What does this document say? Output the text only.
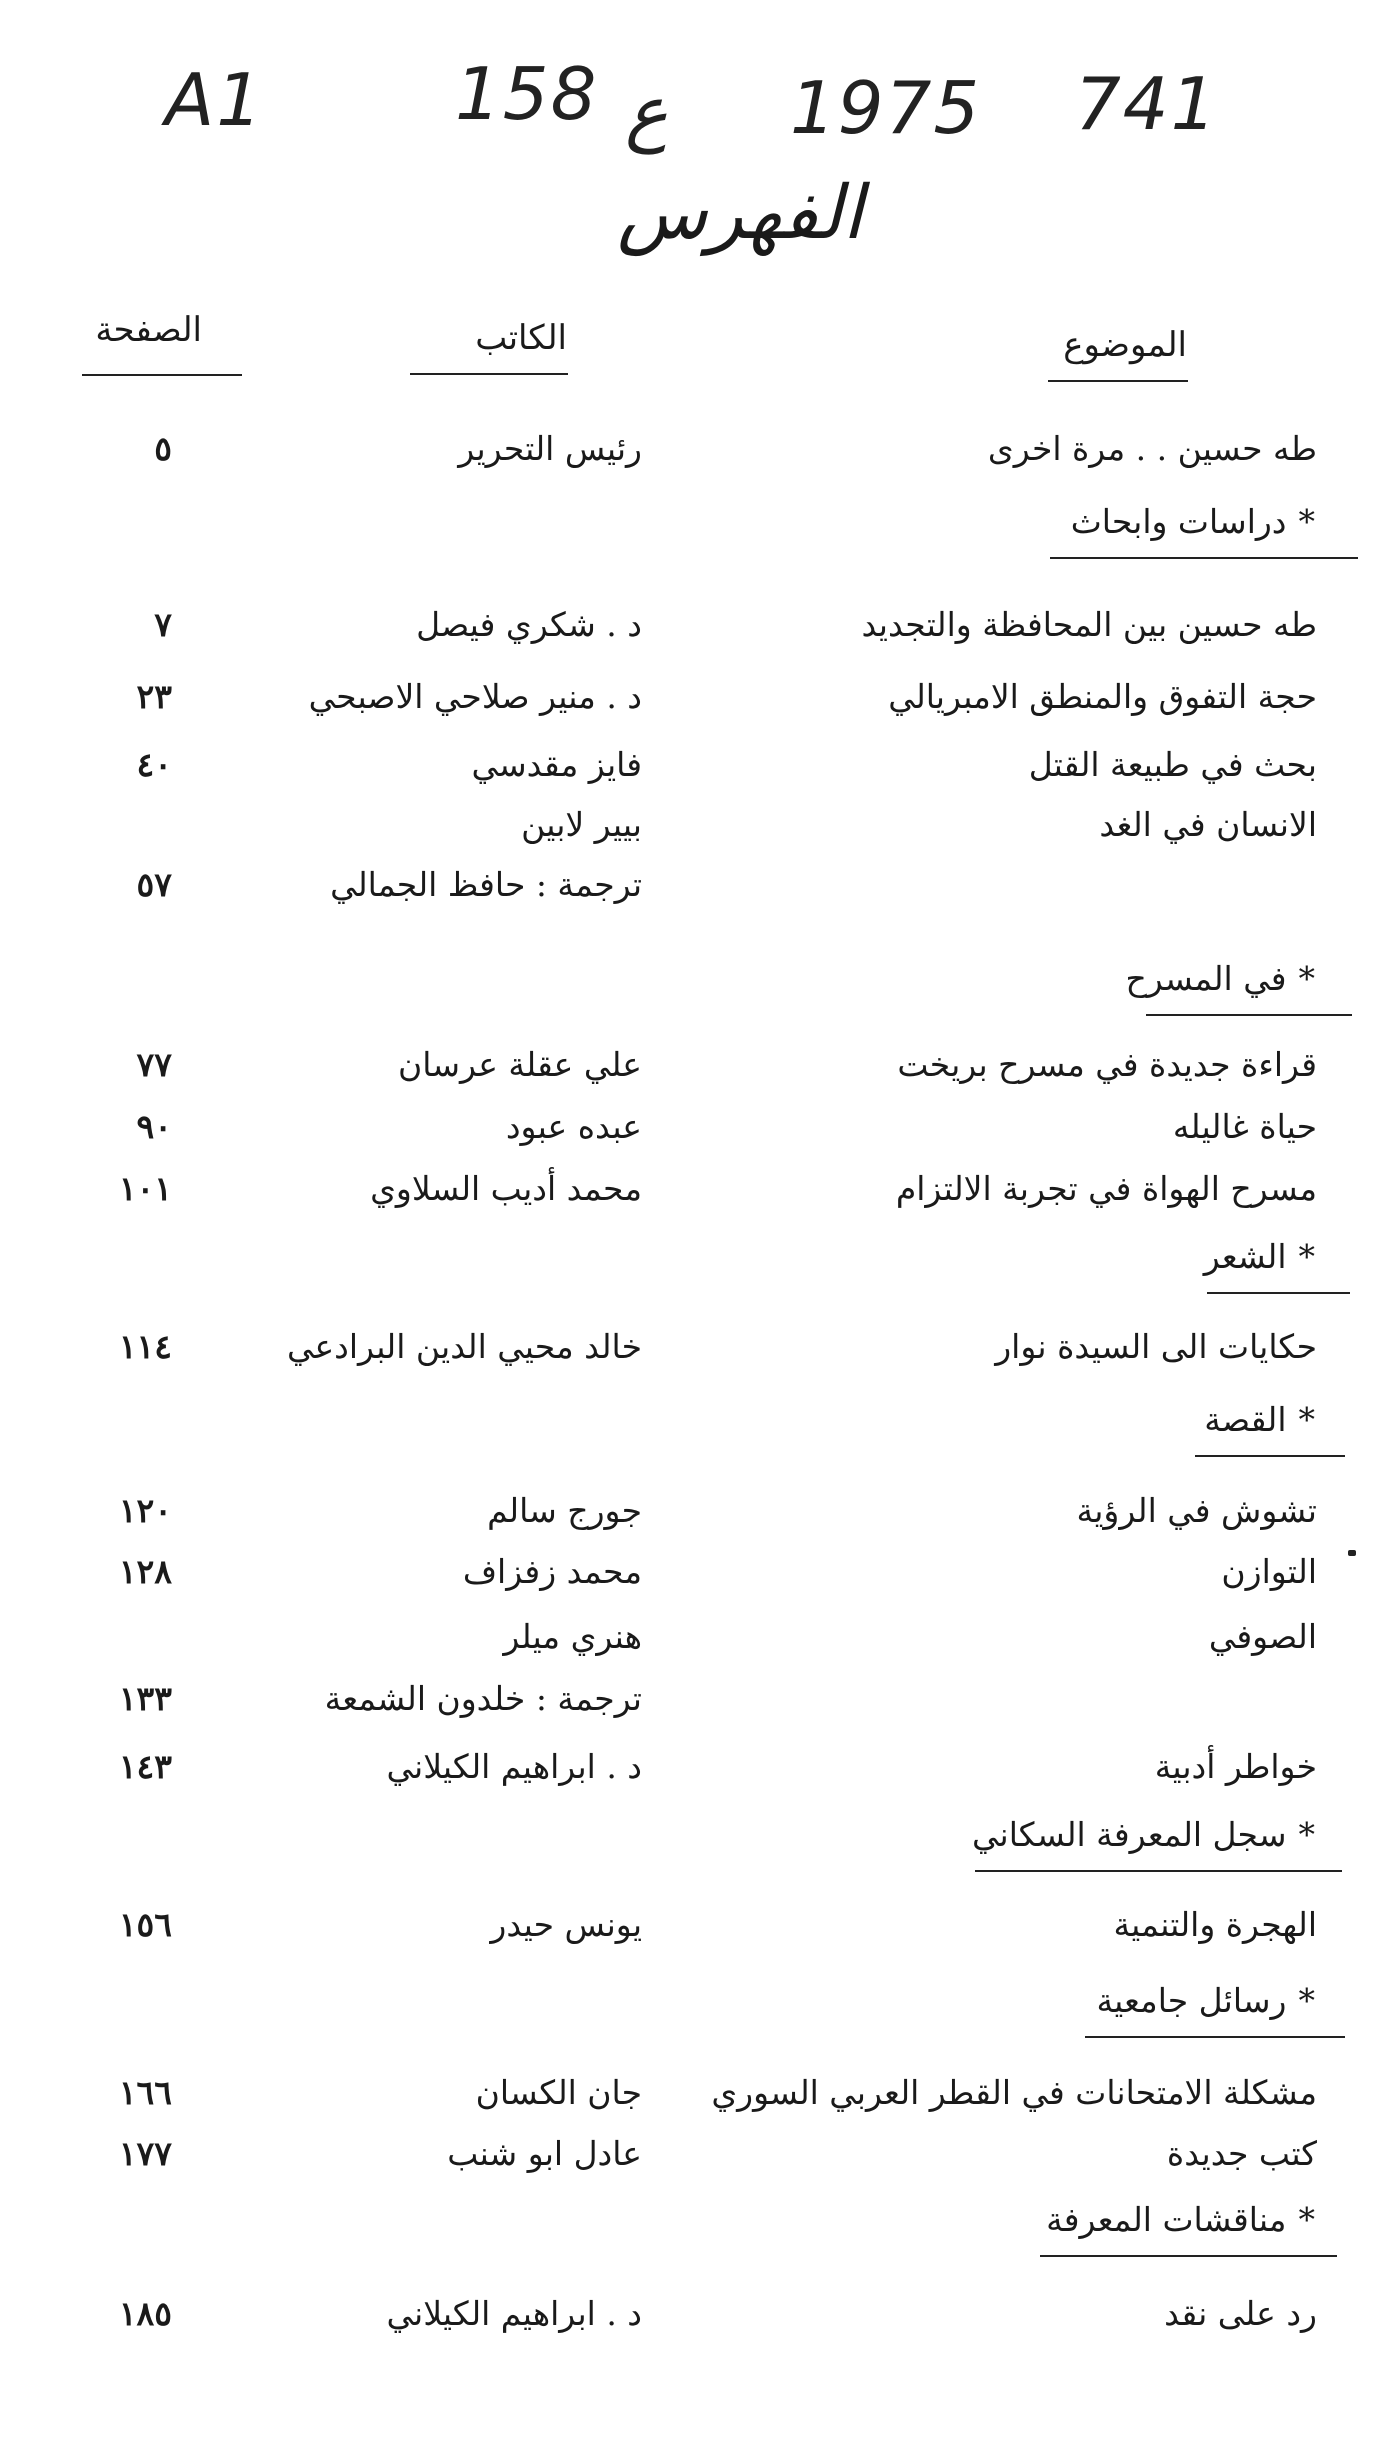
A1	158 ع 1975 741
الفهرس
الموضوع
الكاتب
الصفحة
طه حسين . . مرة اخرى
رئيس التحرير
٥
*دراسات وابحاث
طه حسين بين المحافظة والتجديد
د . شكري فيصل
٧
حجة التفوق والمنطق الامبريالي
د . منير صلاحي الاصبحي
٢٣
بحث في طبيعة القتل
فايز مقدسي
٤٠
الانسان في الغد
بيير لابين
ترجمة : حافظ الجمالي
٥٧
*في المسرح
قراءة جديدة في مسرح بريخت
علي عقلة عرسان
٧٧
حياة غاليله
عبده عبود
٩٠
مسرح الهواة في تجربة الالتزام
محمد أديب السلاوي
١٠١
*الشعر
حكايات الى السيدة نوار
خالد محيي الدين البرادعي
١١٤
*القصة
تشوش في الرؤية
جورج سالم
١٢٠
التوازن
محمد زفزاف
١٢٨
الصوفي
هنري ميلر
ترجمة : خلدون الشمعة
١٣٣
خواطر أدبية
د . ابراهيم الكيلاني
١٤٣
*سجل المعرفة السكاني
الهجرة والتنمية
يونس حيدر
١٥٦
*رسائل جامعية
مشكلة الامتحانات في القطر العربي السوري
جان الكسان
١٦٦
كتب جديدة
عادل ابو شنب
١٧٧
*مناقشات المعرفة
رد على نقد
د . ابراهيم الكيلاني
١٨٥
